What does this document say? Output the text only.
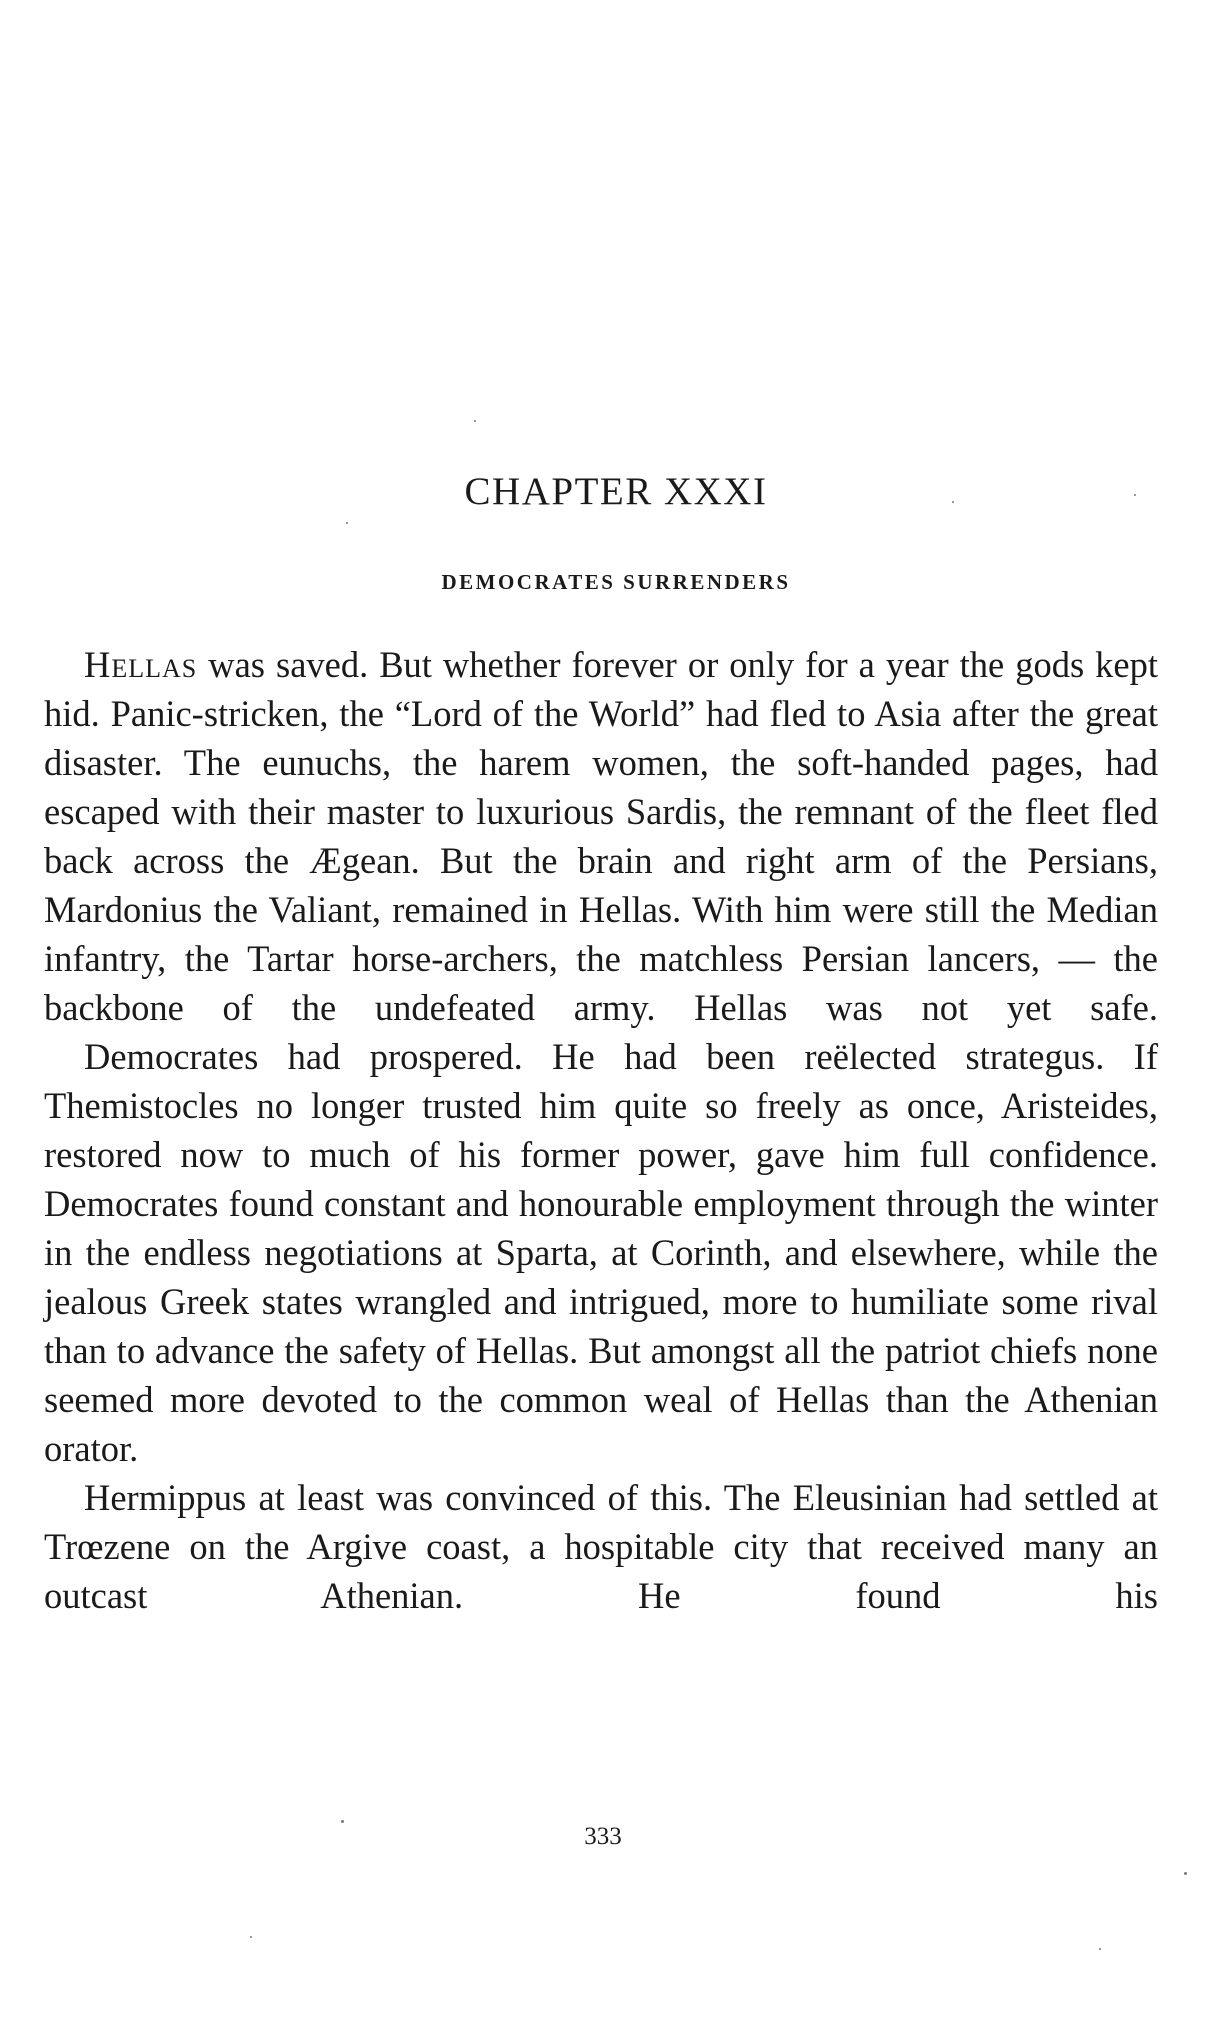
CHAPTER XXXI
DEMOCRATES SURRENDERS

Hellas was saved. But whether forever or only for a year the gods kept hid. Panic-stricken, the “Lord of the World” had fled to Asia after the great disaster. The eunuchs, the harem women, the soft-handed pages, had escaped with their master to luxurious Sardis, the remnant of the fleet fled back across the Ægean. But the brain and right arm of the Persians, Mardonius the Valiant, remained in Hellas. With him were still the Median infantry, the Tartar horse-archers, the matchless Persian lancers, — the backbone of the undefeated army. Hellas was not yet safe.

Democrates had prospered. He had been reëlected strategus. If Themistocles no longer trusted him quite so freely as once, Aristeides, restored now to much of his former power, gave him full confidence. Democrates found constant and honourable employment through the winter in the endless negotiations at Sparta, at Corinth, and elsewhere, while the jealous Greek states wrangled and intrigued, more to humiliate some rival than to advance the safety of Hellas. But amongst all the patriot chiefs none seemed more devoted to the common weal of Hellas than the Athenian orator.

Hermippus at least was convinced of this. The Eleusinian had settled at Trœzene on the Argive coast, a hospitable city that received many an outcast Athenian. He found his

333
